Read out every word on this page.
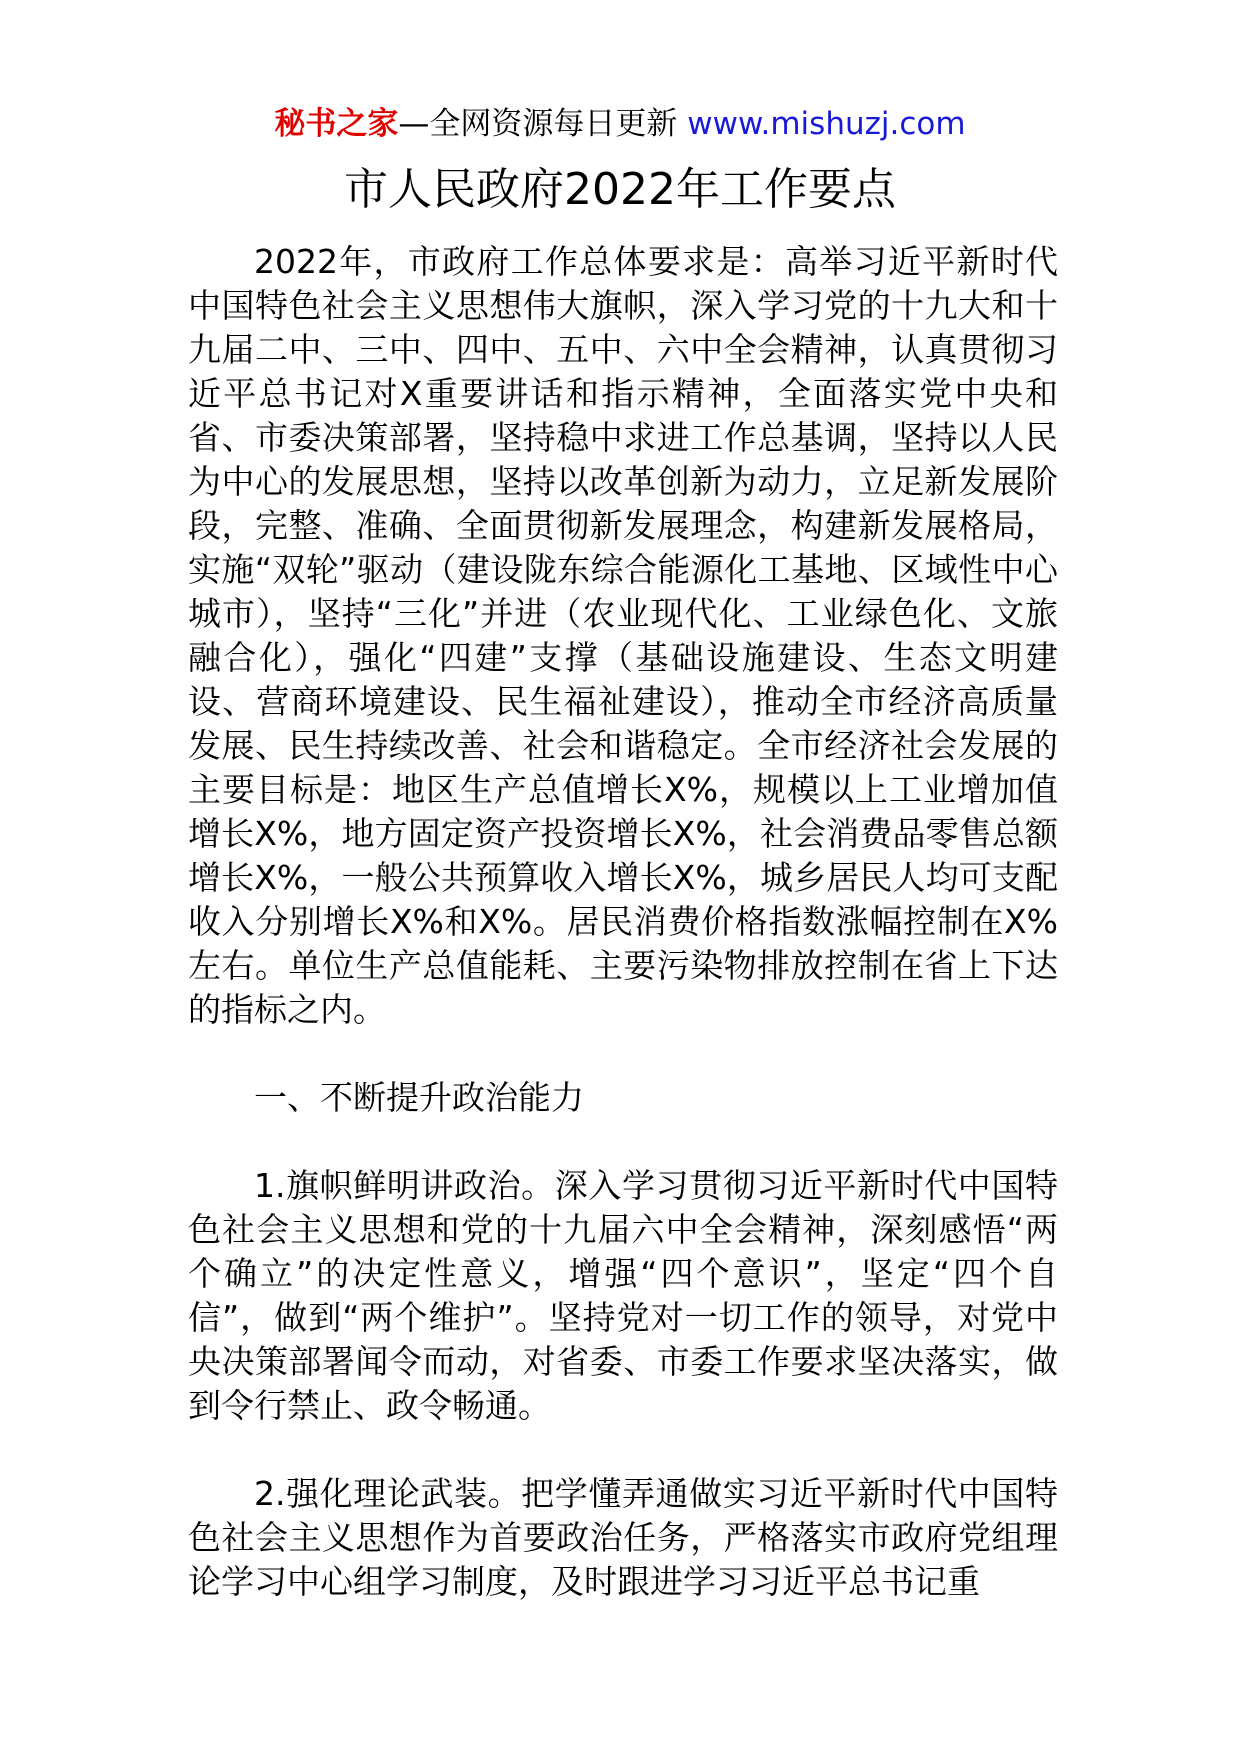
秘书之家—全网资源每日更新 www.mishuzj.com
市人民政府2022年工作要点

2022年，市政府工作总体要求是：高举习近平新时代中国特色社会主义思想伟大旗帜，深入学习党的十九大和十九届二中、三中、四中、五中、六中全会精神，认真贯彻习近平总书记对X重要讲话和指示精神，全面落实党中央和省、市委决策部署，坚持稳中求进工作总基调，坚持以人民为中心的发展思想，坚持以改革创新为动力，立足新发展阶段，完整、准确、全面贯彻新发展理念，构建新发展格局，实施“双轮”驱动（建设陇东综合能源化工基地、区域性中心城市），坚持“三化”并进（农业现代化、工业绿色化、文旅融合化），强化“四建”支撑（基础设施建设、生态文明建设、营商环境建设、民生福祉建设），推动全市经济高质量发展、民生持续改善、社会和谐稳定。全市经济社会发展的主要目标是：地区生产总值增长X%，规模以上工业增加值增长X%，地方固定资产投资增长X%，社会消费品零售总额增长X%，一般公共预算收入增长X%，城乡居民人均可支配收入分别增长X%和X%。居民消费价格指数涨幅控制在X%左右。单位生产总值能耗、主要污染物排放控制在省上下达的指标之内。

一、不断提升政治能力

1.旗帜鲜明讲政治。深入学习贯彻习近平新时代中国特色社会主义思想和党的十九届六中全会精神，深刻感悟“两个确立”的决定性意义，增强“四个意识”，坚定“四个自信”，做到“两个维护”。坚持党对一切工作的领导，对党中央决策部署闻令而动，对省委、市委工作要求坚决落实，做到令行禁止、政令畅通。

2.强化理论武装。把学懂弄通做实习近平新时代中国特色社会主义思想作为首要政治任务，严格落实市政府党组理论学习中心组学习制度，及时跟进学习习近平总书记重
